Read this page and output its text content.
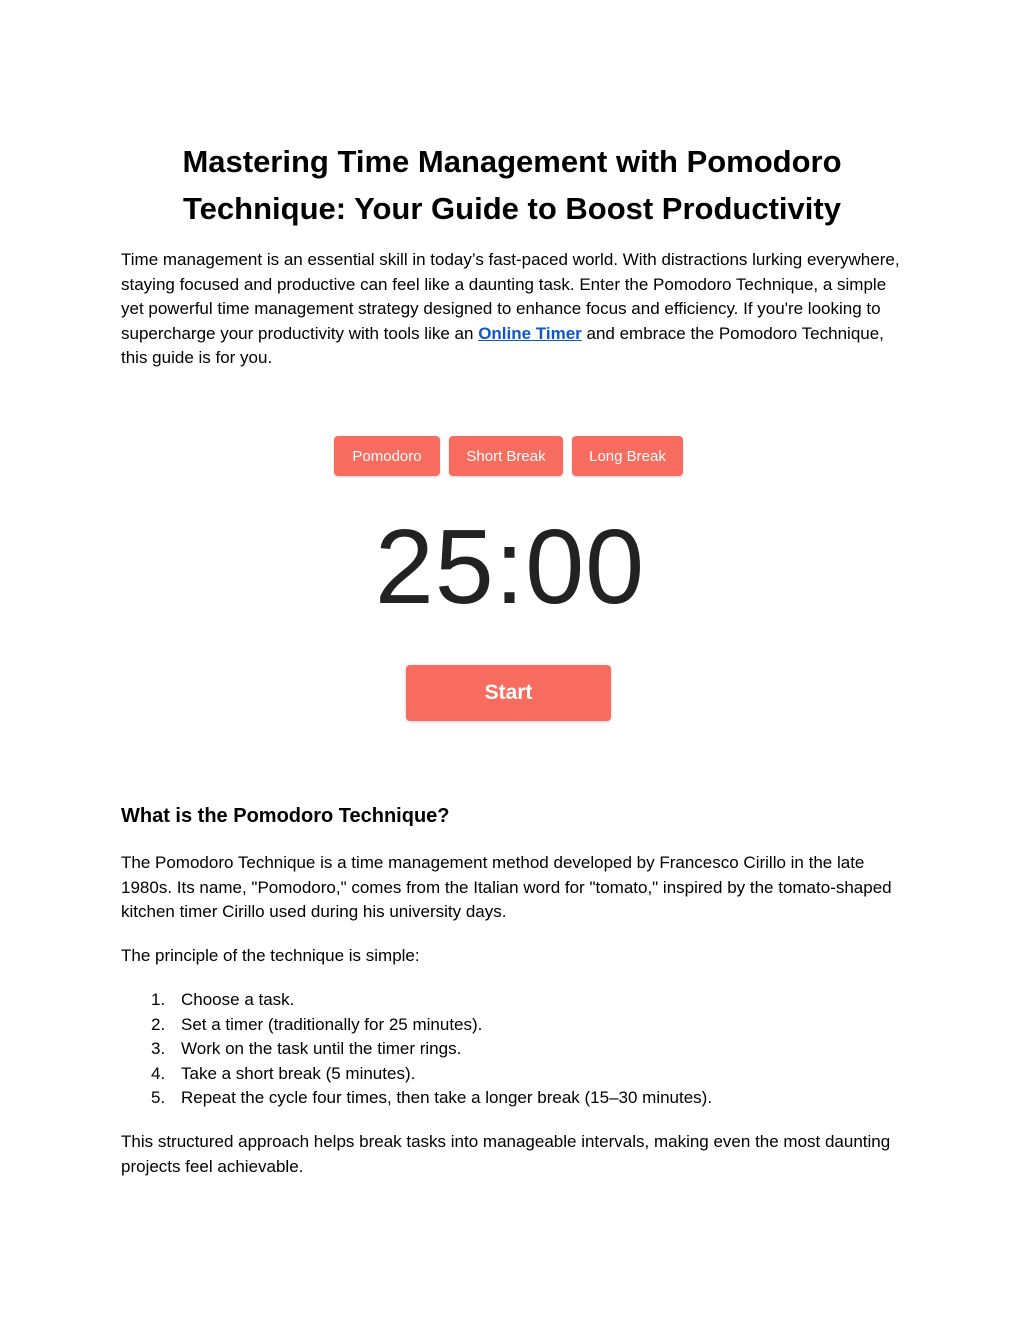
Mastering Time Management with Pomodoro Technique: Your Guide to Boost Productivity

Time management is an essential skill in today’s fast-paced world. With distractions lurking everywhere, staying focused and productive can feel like a daunting task. Enter the Pomodoro Technique, a simple yet powerful time management strategy designed to enhance focus and efficiency. If you're looking to supercharge your productivity with tools like an Online Timer and embrace the Pomodoro Technique, this guide is for you.

Pomodoro	Short Break	Long Break
25:00
Start
What is the Pomodoro Technique?

The Pomodoro Technique is a time management method developed by Francesco Cirillo in the late 1980s. Its name, "Pomodoro," comes from the Italian word for "tomato," inspired by the tomato-shaped kitchen timer Cirillo used during his university days.

The principle of the technique is simple:

1. Choose a task.
2. Set a timer (traditionally for 25 minutes).
3. Work on the task until the timer rings.
4. Take a short break (5 minutes).
5. Repeat the cycle four times, then take a longer break (15–30 minutes).

This structured approach helps break tasks into manageable intervals, making even the most daunting projects feel achievable.
